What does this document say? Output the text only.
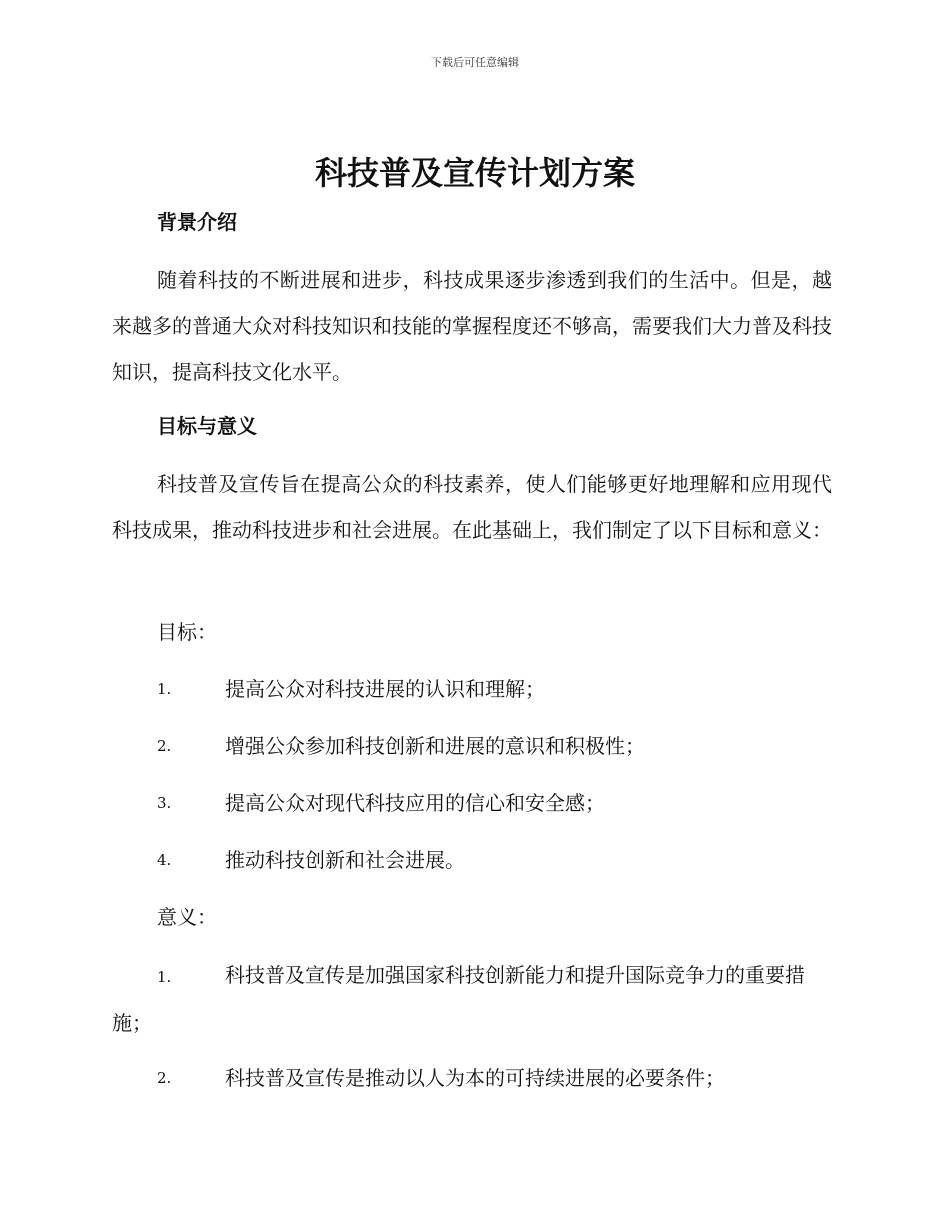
下载后可任意编辑
科技普及宣传计划方案
背景介绍

随着科技的不断进展和进步，科技成果逐步渗透到我们的生活中。但是，越来越多的普通大众对科技知识和技能的掌握程度还不够高，需要我们大力普及科技知识，提高科技文化水平。

目标与意义

科技普及宣传旨在提高公众的科技素养，使人们能够更好地理解和应用现代科技成果，推动科技进步和社会进展。在此基础上，我们制定了以下目标和意义：

目标：
1.	提高公众对科技进展的认识和理解；
2.	增强公众参加科技创新和进展的意识和积极性；
3.	提高公众对现代科技应用的信心和安全感；
4.	推动科技创新和社会进展。
意义：
1.	科技普及宣传是加强国家科技创新能力和提升国际竞争力的重要措施；
2.	科技普及宣传是推动以人为本的可持续进展的必要条件；
